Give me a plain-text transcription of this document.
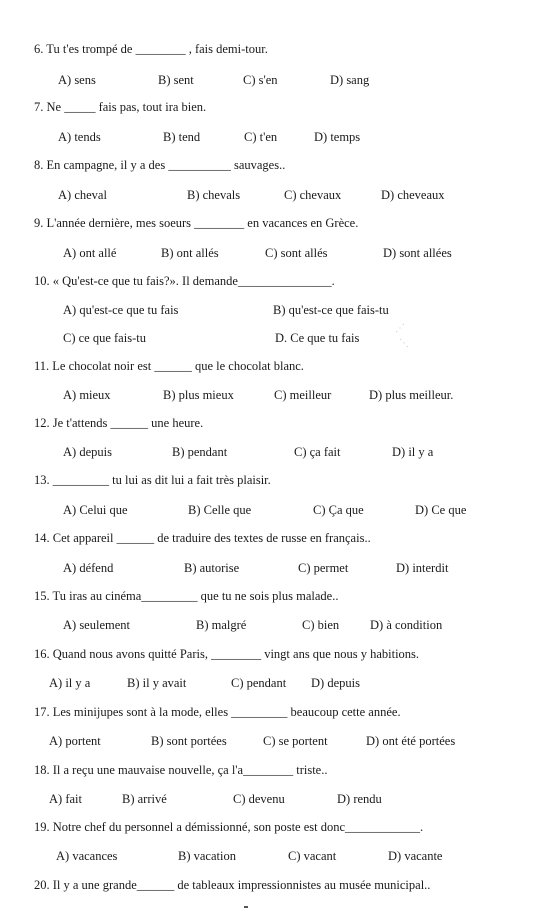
6. Tu t'es trompé de ________ , fais demi-tour.
A) sens	B) sent	C) s'en	D) sang
7. Ne _____ fais pas, tout ira bien.
A) tends	B) tend	C) t'en	D) temps
8. En campagne, il y a des __________ sauvages..
A) cheval	B) chevals	C) chevaux	D) cheveaux
9. L'année dernière, mes soeurs ________ en vacances en Grèce.
A) ont allé	B) ont allés	C) sont allés	D) sont allées
10. « Qu'est-ce que tu fais?». Il demande_______________.
A) qu'est-ce que tu fais	B) qu'est-ce que fais-tu
C) ce que fais-tu	D. Ce que tu fais
⋰
⋱
11. Le chocolat noir est ______ que le chocolat blanc.
A) mieux	B) plus mieux	C) meilleur	D) plus meilleur.
12. Je t'attends ______ une heure.
A) depuis	B) pendant	C) ça fait	D) il y a
13. _________ tu lui as dit lui a fait très plaisir.
A) Celui que	B) Celle que	C) Ça que	D) Ce que
14. Cet appareil ______ de traduire des textes de russe en français..
A) défend	B) autorise	C) permet	D) interdit
15. Tu iras au cinéma_________ que tu ne sois plus malade..
A) seulement	B) malgré	C) bien D) à condition
16. Quand nous avons quitté Paris, ________ vingt ans que nous y habitions.
A) il y a	B) il y avait	C) pendant D) depuis
17. Les minijupes sont à la mode, elles _________ beaucoup cette année.
A) portent	B) sont portées	C) se portent	D) ont été portées
18. Il a reçu une mauvaise nouvelle, ça l'a________ triste..
A) fait	B) arrivé	C) devenu	D) rendu
19. Notre chef du personnel a démissionné, son poste est donc____________.
A) vacances	B) vacation	C) vacant	D) vacante
20. Il y a une grande______ de tableaux impressionnistes au musée municipal..
